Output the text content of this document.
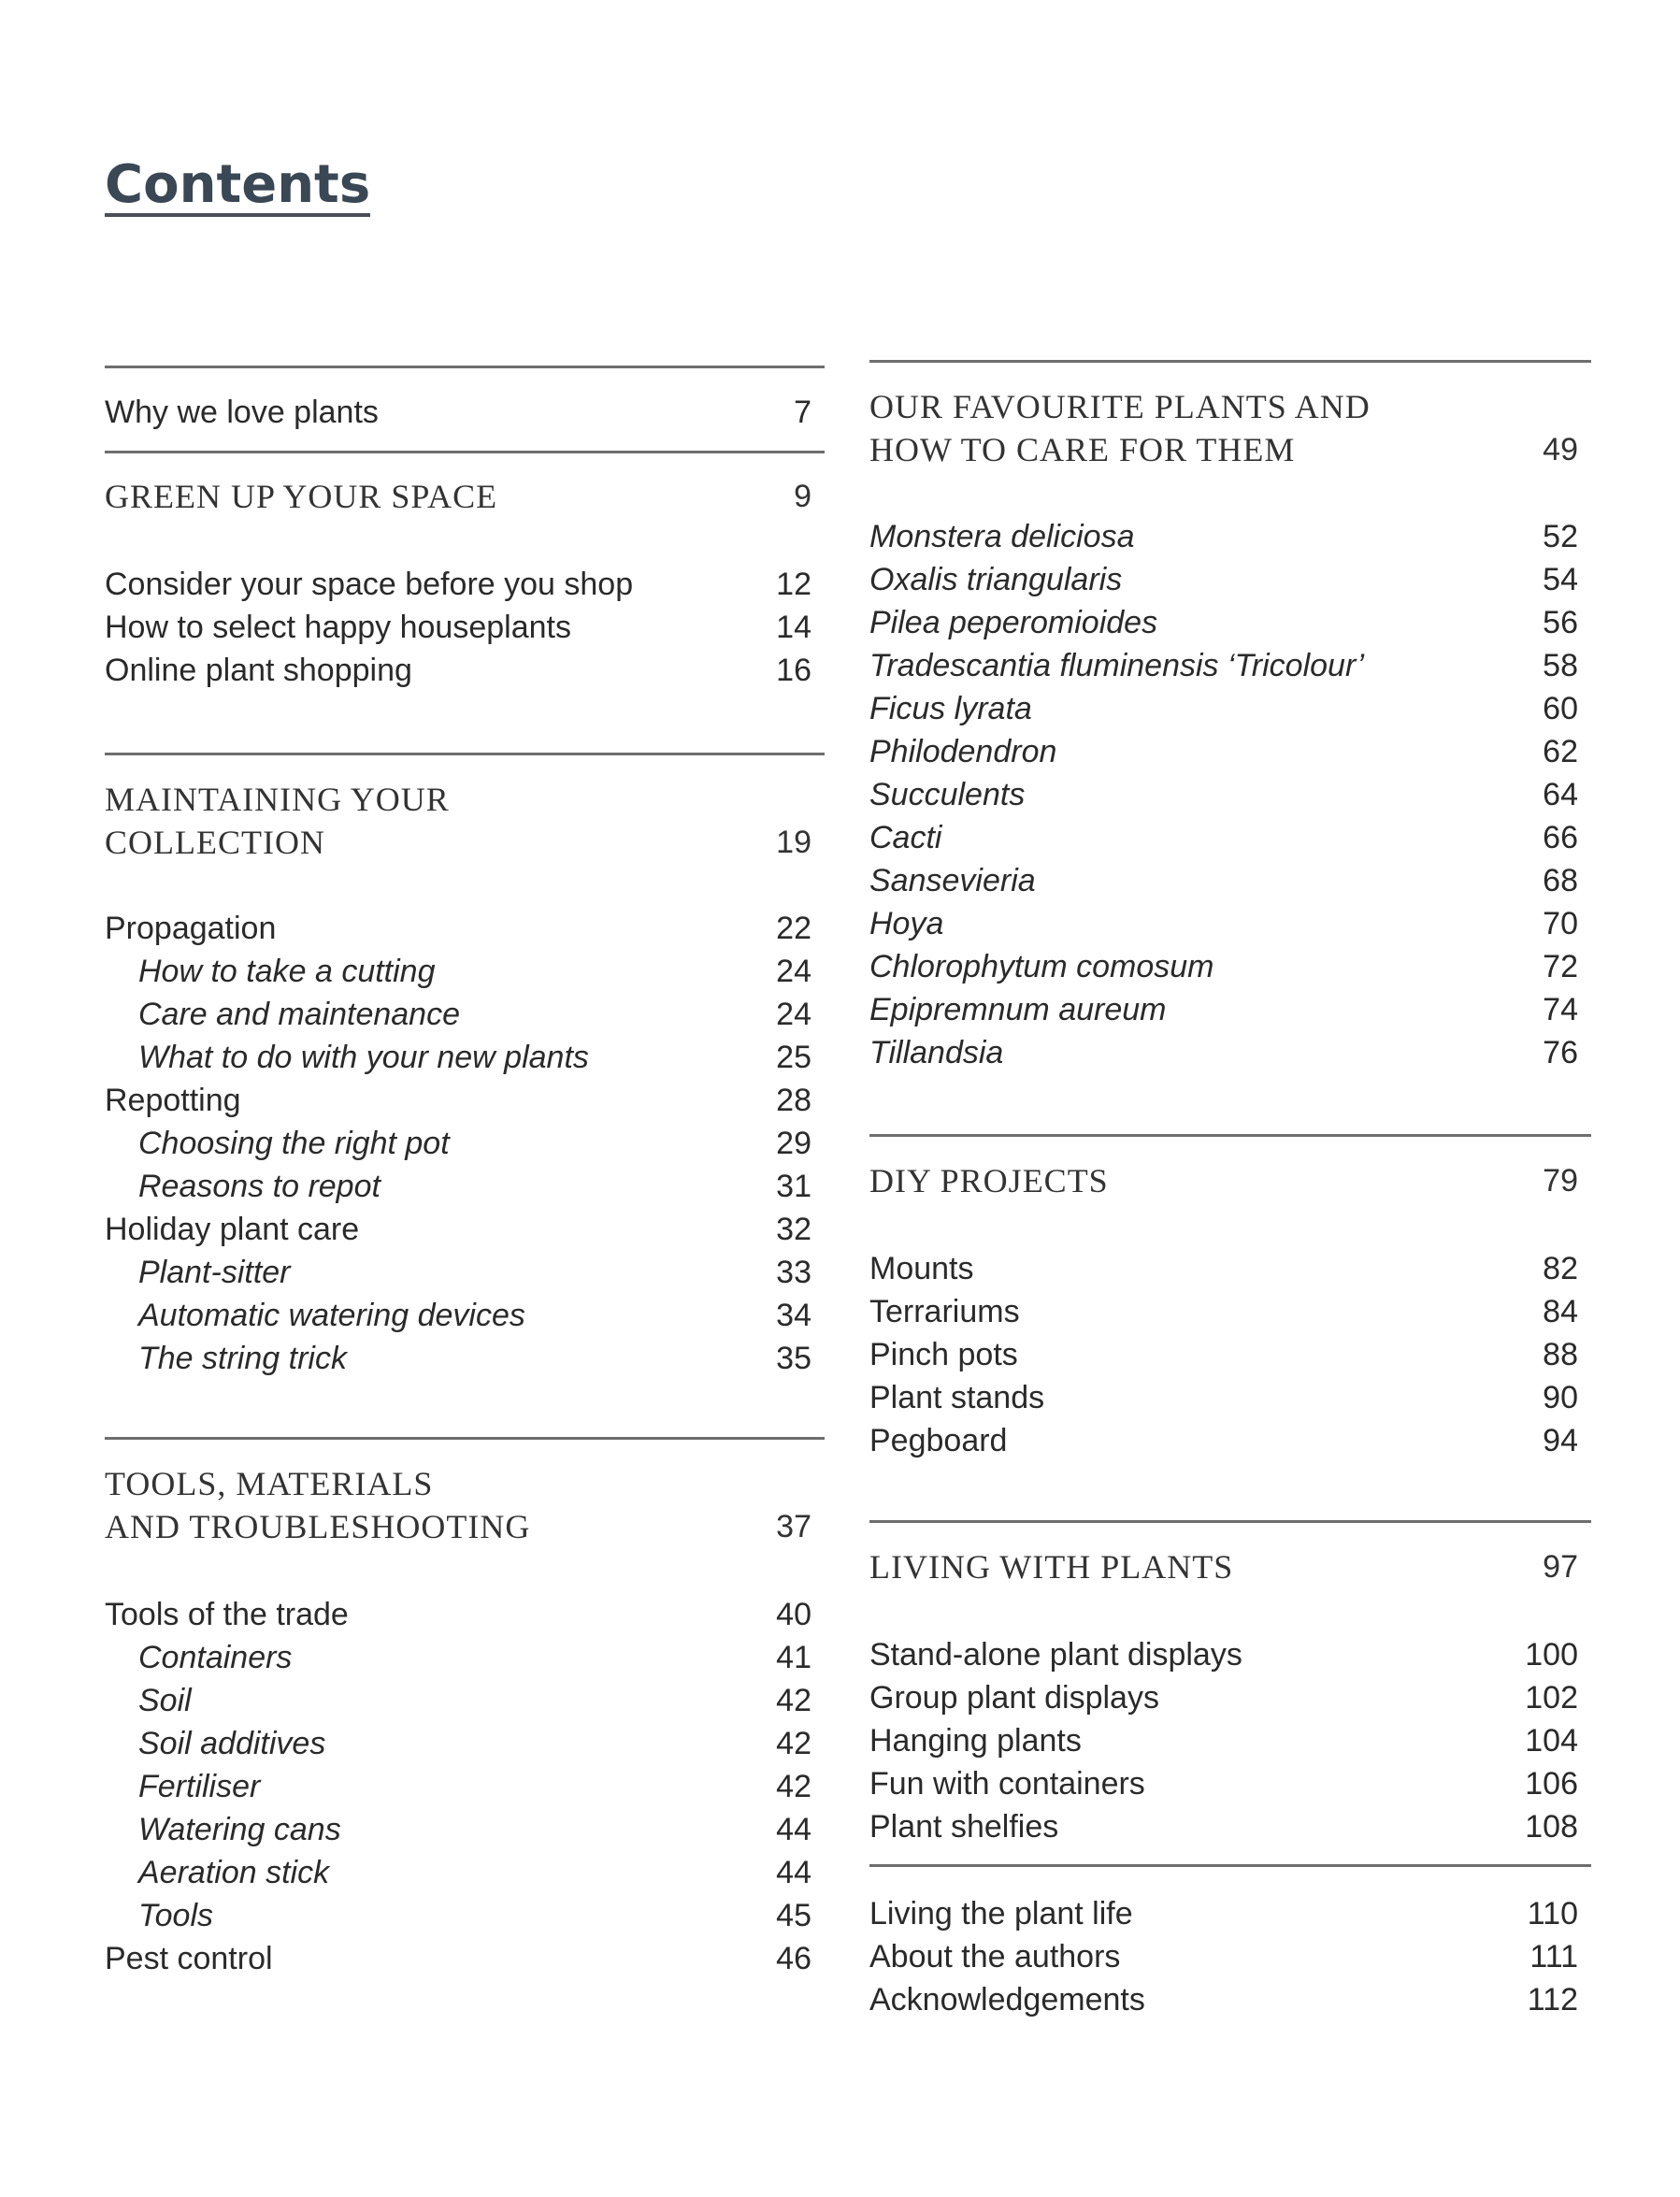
Contents
Why we love plants	7
GREEN UP YOUR SPACE	9
Consider your space before you shop	12
How to select happy houseplants	14
Online plant shopping	16
MAINTAINING YOUR
COLLECTION	19
Propagation	22
How to take a cutting	24
Care and maintenance	24
What to do with your new plants	25
Repotting	28
Choosing the right pot	29
Reasons to repot	31
Holiday plant care	32
Plant-sitter	33
Automatic watering devices	34
The string trick	35
TOOLS, MATERIALS
AND TROUBLESHOOTING	37
Tools of the trade	40
Containers	41
Soil	42
Soil additives	42
Fertiliser	42
Watering cans	44
Aeration stick	44
Tools	45
Pest control	46
OUR FAVOURITE PLANTS AND
HOW TO CARE FOR THEM	49
Monstera deliciosa	52
Oxalis triangularis	54
Pilea peperomioides	56
Tradescantia fluminensis ‘Tricolour’	58
Ficus lyrata	60
Philodendron	62
Succulents	64
Cacti	66
Sansevieria	68
Hoya	70
Chlorophytum comosum	72
Epipremnum aureum	74
Tillandsia	76
DIY PROJECTS	79
Mounts	82
Terrariums	84
Pinch pots	88
Plant stands	90
Pegboard	94
LIVING WITH PLANTS	97
Stand-alone plant displays	100
Group plant displays	102
Hanging plants	104
Fun with containers	106
Plant shelfies	108
Living the plant life	110
About the authors	111
Acknowledgements	112
